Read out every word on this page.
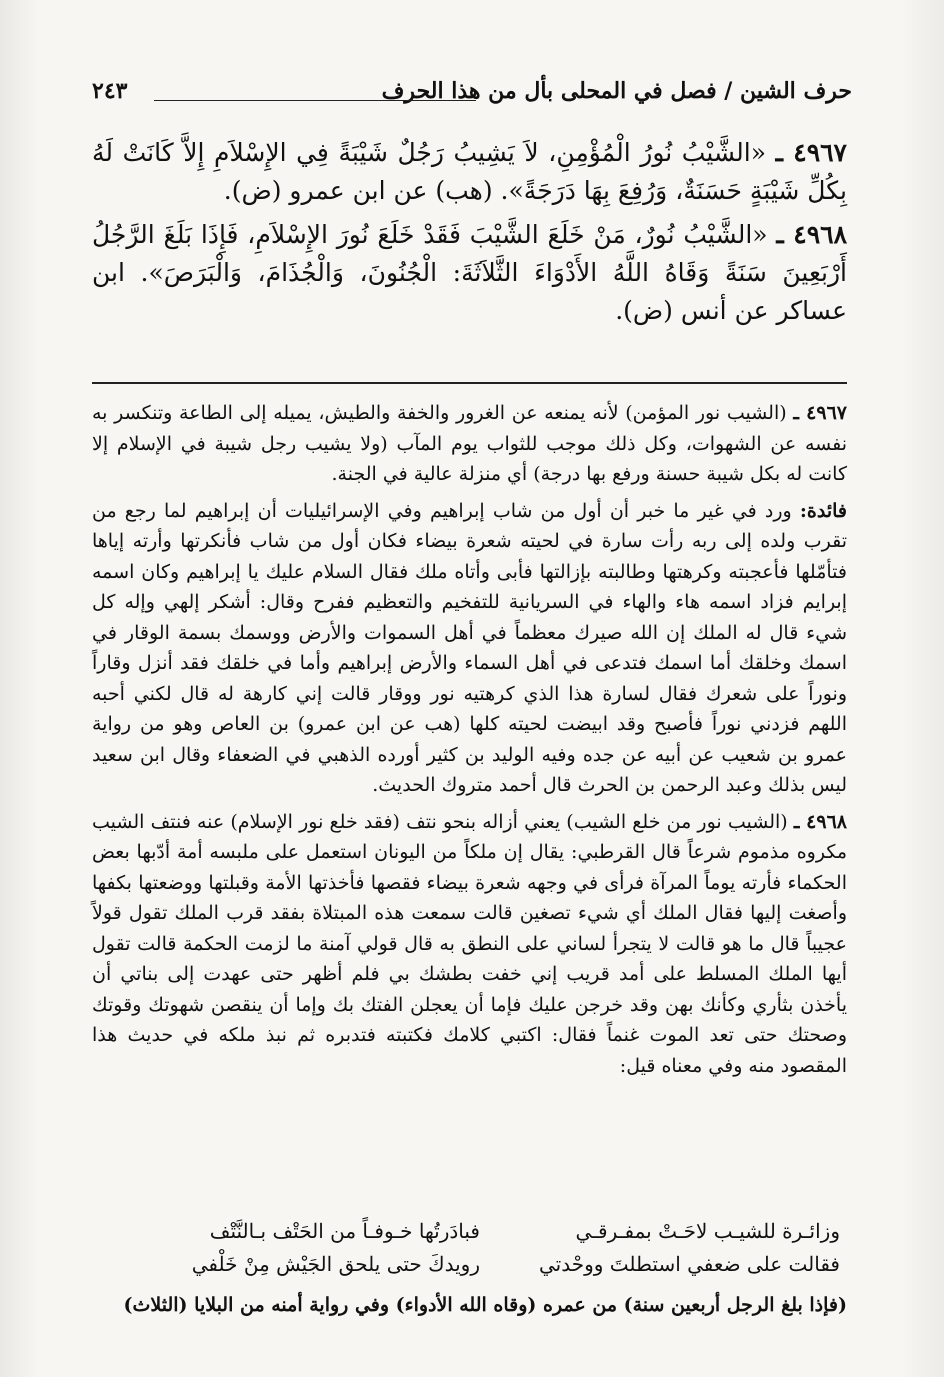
حرف الشين / فصل في المحلى بأل من هذا الحرف
٢٤٣

٤٩٦٧ ـ «الشَّيْبُ نُورُ الْمُؤْمِنِ، لاَ يَشِيبُ رَجُلٌ شَيْبَةً فِي الإِسْلاَمِ إِلاَّ كَانَتْ لَهُ بِكُلِّ شَيْبَةٍ حَسَنَةٌ، وَرُفِعَ بِهَا دَرَجَةً». (هب) عن ابن عمرو (ض).

٤٩٦٨ ـ «الشَّيْبُ نُورٌ، مَنْ خَلَعَ الشَّيْبَ فَقَدْ خَلَعَ نُورَ الإِسْلاَمِ، فَإِذَا بَلَغَ الرَّجُلُ أَرْبَعِينَ سَنَةً وَقَاهُ اللَّهُ الأَدْوَاءَ الثَّلاَثَةَ: الْجُنُونَ، وَالْجُذَامَ، وَالْبَرَصَ». ابن عساكر عن أنس (ض).

٤٩٦٧ ـ (الشيب نور المؤمن) لأنه يمنعه عن الغرور والخفة والطيش، يميله إلى الطاعة وتنكسر به نفسه عن الشهوات، وكل ذلك موجب للثواب يوم المآب (ولا يشيب رجل شيبة في الإسلام إلا كانت له بكل شيبة حسنة ورفع بها درجة) أي منزلة عالية في الجنة.

فائدة: ورد في غير ما خبر أن أول من شاب إبراهيم وفي الإسرائيليات أن إبراهيم لما رجع من تقرب ولده إلى ربه رأت سارة في لحيته شعرة بيضاء فكان أول من شاب فأنكرتها وأرته إياها فتأمّلها فأعجبته وكرهتها وطالبته بإزالتها فأبى وأتاه ملك فقال السلام عليك يا إبراهيم وكان اسمه إبرايم فزاد اسمه هاء والهاء في السريانية للتفخيم والتعظيم ففرح وقال: أشكر إلهي وإله كل شيء قال له الملك إن الله صيرك معظماً في أهل السموات والأرض ووسمك بسمة الوقار في اسمك وخلقك أما اسمك فتدعى في أهل السماء والأرض إبراهيم وأما في خلقك فقد أنزل وقاراً ونوراً على شعرك فقال لسارة هذا الذي كرهتيه نور ووقار قالت إني كارهة له قال لكني أحبه اللهم فزدني نوراً فأصبح وقد ابيضت لحيته كلها (هب عن ابن عمرو) بن العاص وهو من رواية عمرو بن شعيب عن أبيه عن جده وفيه الوليد بن كثير أورده الذهبي في الضعفاء وقال ابن سعيد ليس بذلك وعبد الرحمن بن الحرث قال أحمد متروك الحديث.

٤٩٦٨ ـ (الشيب نور من خلع الشيب) يعني أزاله بنحو نتف (فقد خلع نور الإسلام) عنه فنتف الشيب مكروه مذموم شرعاً قال القرطبي: يقال إن ملكاً من اليونان استعمل على ملبسه أمة أدّبها بعض الحكماء فأرته يوماً المرآة فرأى في وجهه شعرة بيضاء فقصها فأخذتها الأمة وقبلتها ووضعتها بكفها وأصغت إليها فقال الملك أي شيء تصغين قالت سمعت هذه المبتلاة بفقد قرب الملك تقول قولاً عجيباً قال ما هو قالت لا يتجرأ لساني على النطق به قال قولي آمنة ما لزمت الحكمة قالت تقول أيها الملك المسلط على أمد قريب إني خفت بطشك بي فلم أظهر حتى عهدت إلى بناتي أن يأخذن بثأري وكأنك بهن وقد خرجن عليك فإما أن يعجلن الفتك بك وإما أن ينقصن شهوتك وقوتك وصحتك حتى تعد الموت غنماً فقال: اكتبي كلامك فكتبته فتدبره ثم نبذ ملكه في حديث هذا المقصود منه وفي معناه قيل:

وزائـرة للشيـب لاحَـتْ بمفـرقـي
فبادَرتُها خـوفـاً من الحَتْف بـالنَّتْف
فقالت على ضعفي استطلتَ ووحْدتي
رويدكَ حتى يلحق الجَيْش مِنْ خَلْفي
(فإذا بلغ الرجل أربعين سنة) من عمره (وقاه الله الأدواء) وفي رواية أمنه من البلايا (الثلاث)
